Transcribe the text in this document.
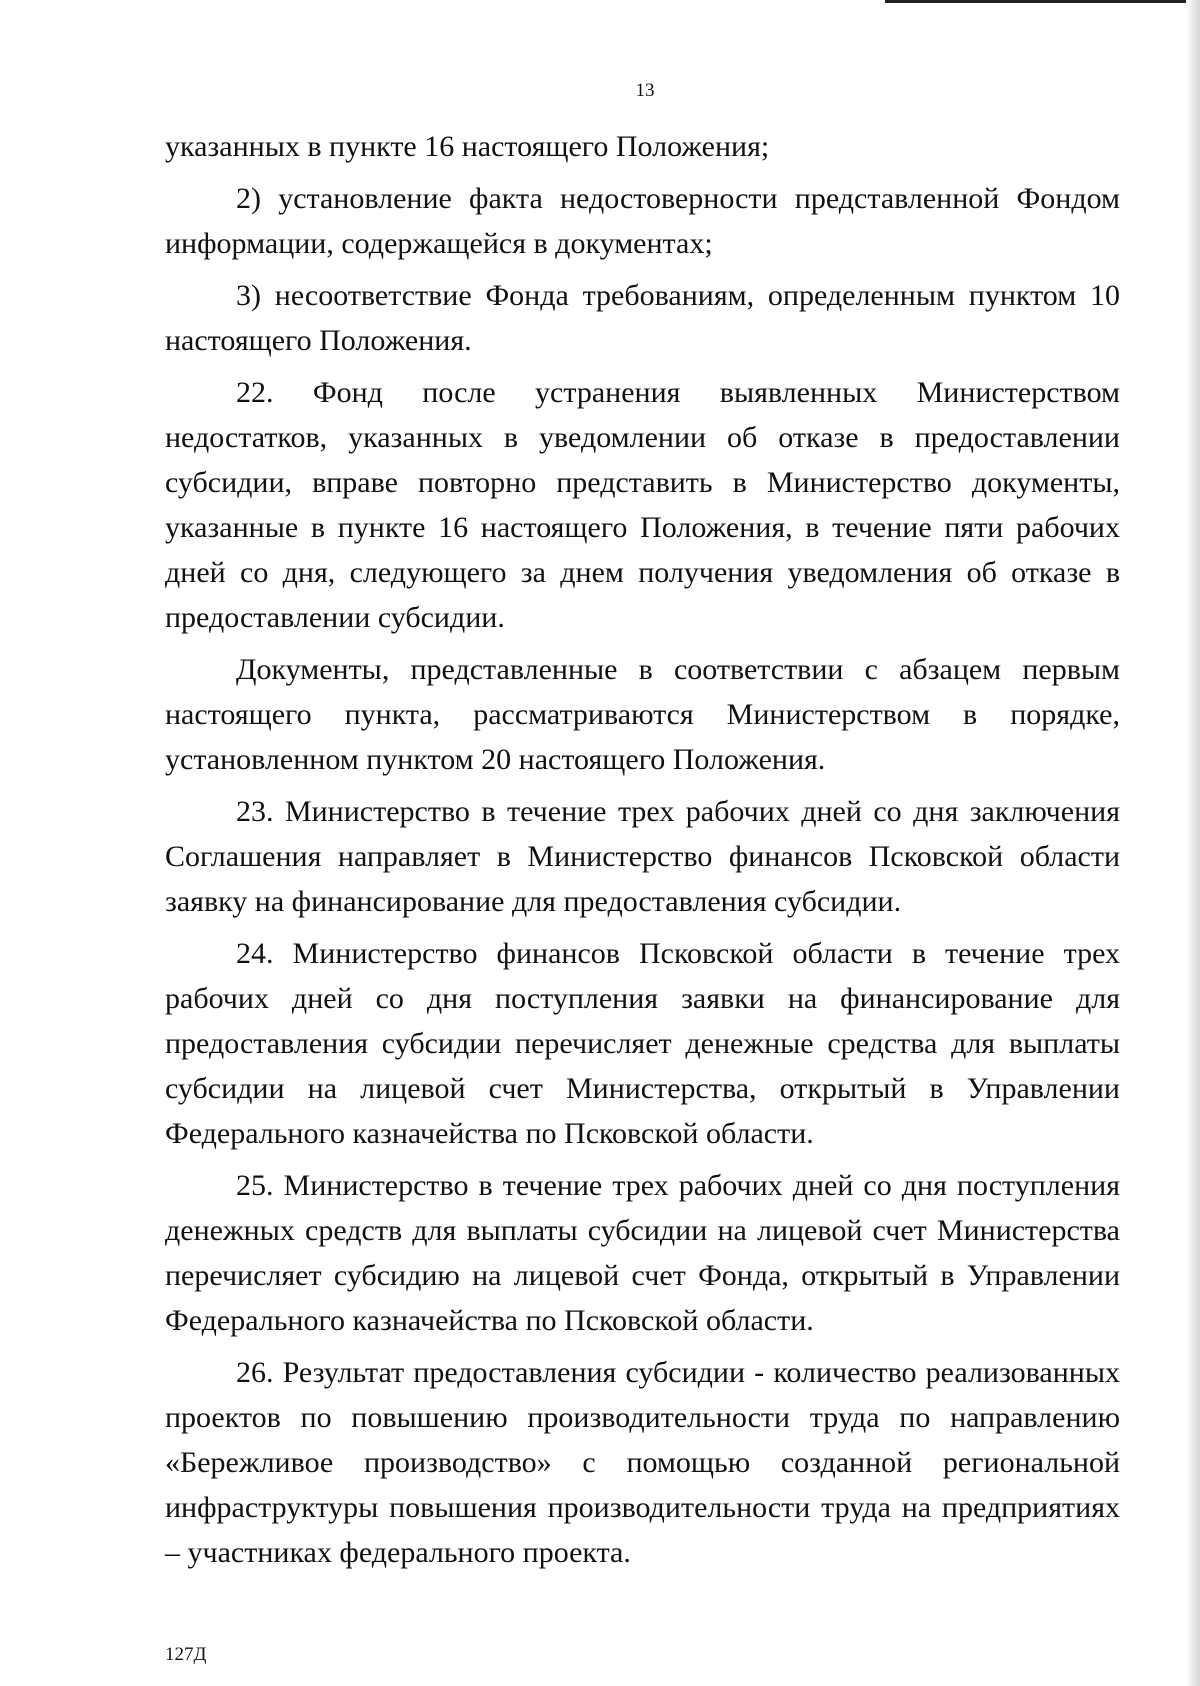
13

указанных в пункте 16 настоящего Положения;

2) установление факта недостоверности представленной Фондом информации, содержащейся в документах;

3) несоответствие Фонда требованиям, определенным пунктом 10 настоящего Положения.

22. Фонд после устранения выявленных Министерством недостатков, указанных в уведомлении об отказе в предоставлении субсидии, вправе повторно представить в Министерство документы, указанные в пункте 16 настоящего Положения, в течение пяти рабочих дней со дня, следующего за днем получения уведомления об отказе в предоставлении субсидии.

Документы, представленные в соответствии с абзацем первым настоящего пункта, рассматриваются Министерством в порядке, установленном пунктом 20 настоящего Положения.

23. Министерство в течение трех рабочих дней со дня заключения Соглашения направляет в Министерство финансов Псковской области заявку на финансирование для предоставления субсидии.

24. Министерство финансов Псковской области в течение трех рабочих дней со дня поступления заявки на финансирование для предоставления субсидии перечисляет денежные средства для выплаты субсидии на лицевой счет Министерства, открытый в Управлении Федерального казначейства по Псковской области.

25. Министерство в течение трех рабочих дней со дня поступления денежных средств для выплаты субсидии на лицевой счет Министерства перечисляет субсидию на лицевой счет Фонда, открытый в Управлении Федерального казначейства по Псковской области.

26. Результат предоставления субсидии - количество реализованных проектов по повышению производительности труда по направлению «Бережливое производство» с помощью созданной региональной инфраструктуры повышения производительности труда на предприятиях – участниках федерального проекта.

127Д
